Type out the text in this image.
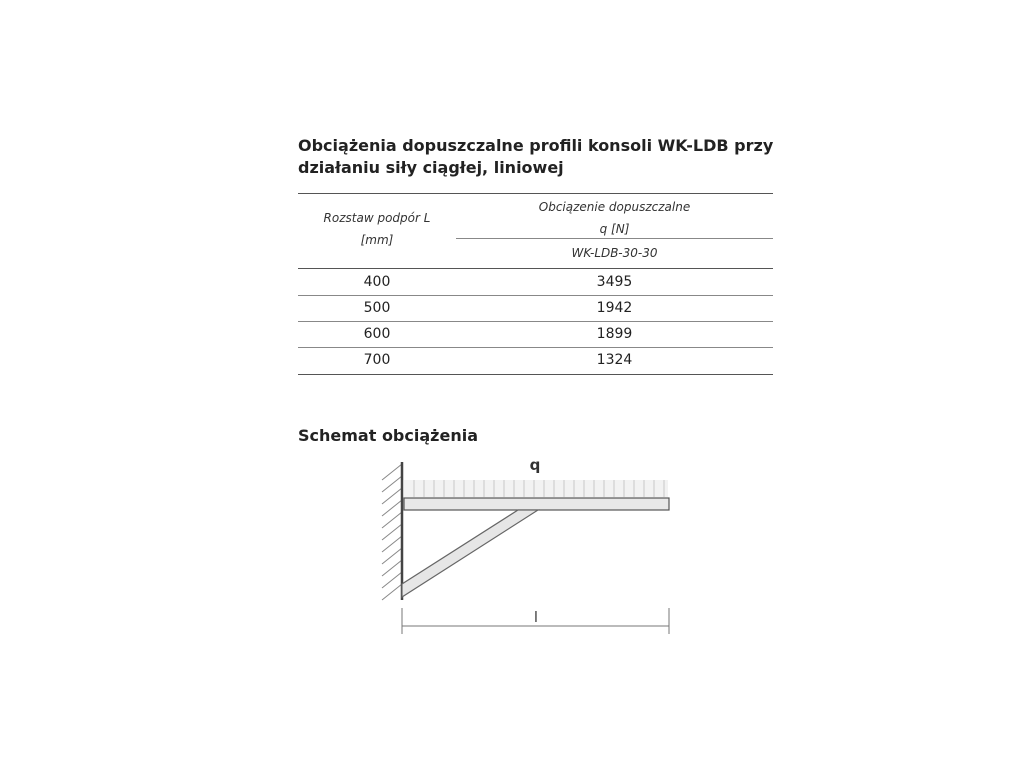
Obciążenia dopuszczalne profili konsoli WK-LDB przy
działaniu siły ciągłej, liniowej
Rozstaw podpór L
[mm]
Obciązenie dopuszczalne
q [N]
WK-LDB-30-30
400	3495
500	1942
600	1899
700	1324
Schemat obciążenia
q
l
